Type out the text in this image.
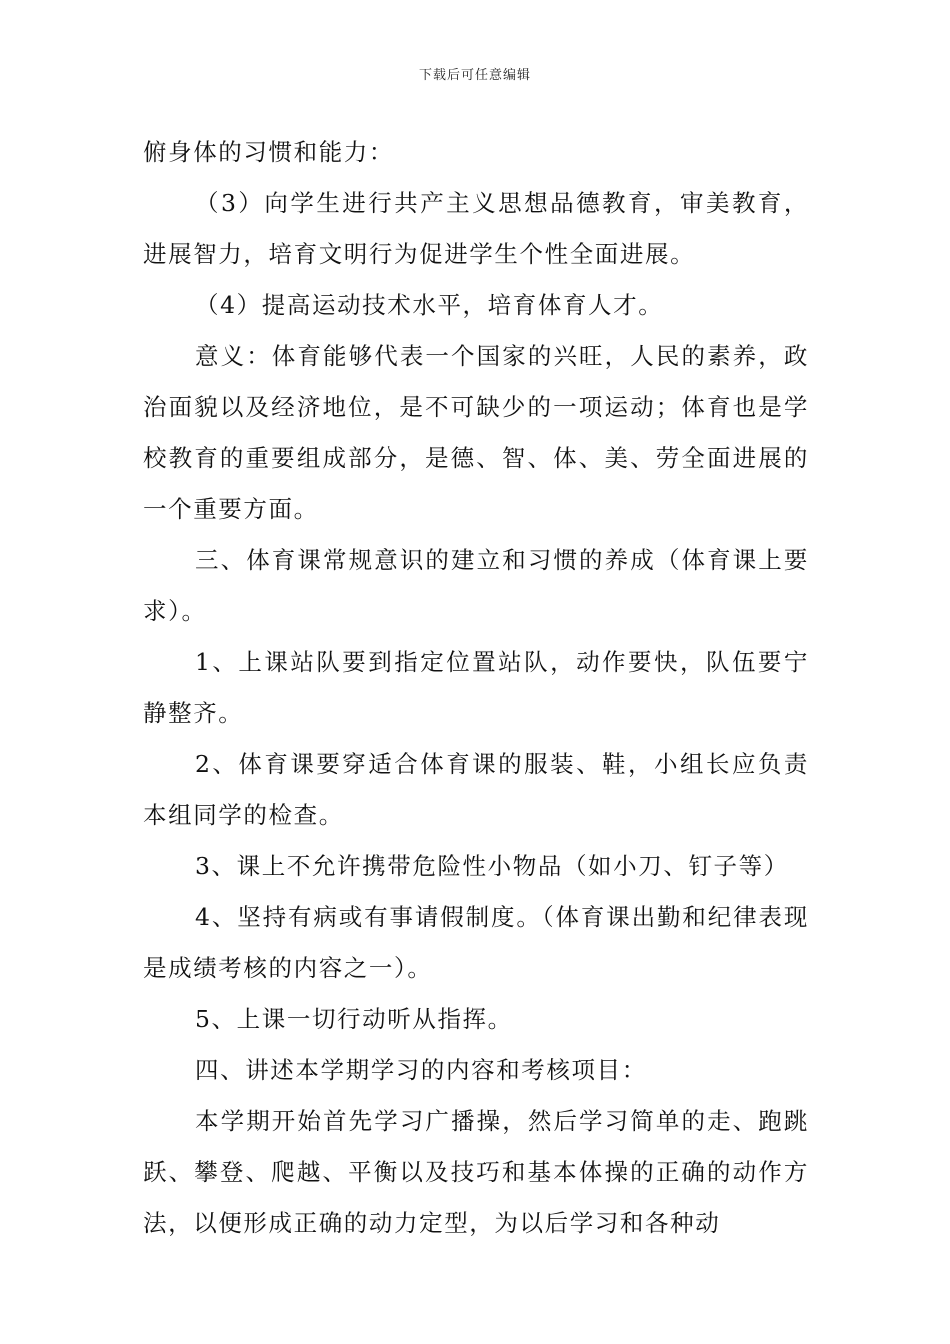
下载后可任意编辑

俯身体的习惯和能力：

（3）向学生进行共产主义思想品德教育，审美教育，进展智力，培育文明行为促进学生个性全面进展。

（4）提高运动技术水平，培育体育人才。

意义：体育能够代表一个国家的兴旺，人民的素养，政治面貌以及经济地位，是不可缺少的一项运动；体育也是学校教育的重要组成部分，是德、智、体、美、劳全面进展的一个重要方面。

三、体育课常规意识的建立和习惯的养成（体育课上要求）。

1、上课站队要到指定位置站队，动作要快，队伍要宁静整齐。

2、体育课要穿适合体育课的服装、鞋，小组长应负责本组同学的检查。

3、课上不允许携带危险性小物品（如小刀、钉子等）

4、坚持有病或有事请假制度。（体育课出勤和纪律表现是成绩考核的内容之一）。

5、上课一切行动听从指挥。

四、讲述本学期学习的内容和考核项目：

本学期开始首先学习广播操，然后学习简单的走、跑跳跃、攀登、爬越、平衡以及技巧和基本体操的正确的动作方法，以便形成正确的动力定型，为以后学习和各种动
